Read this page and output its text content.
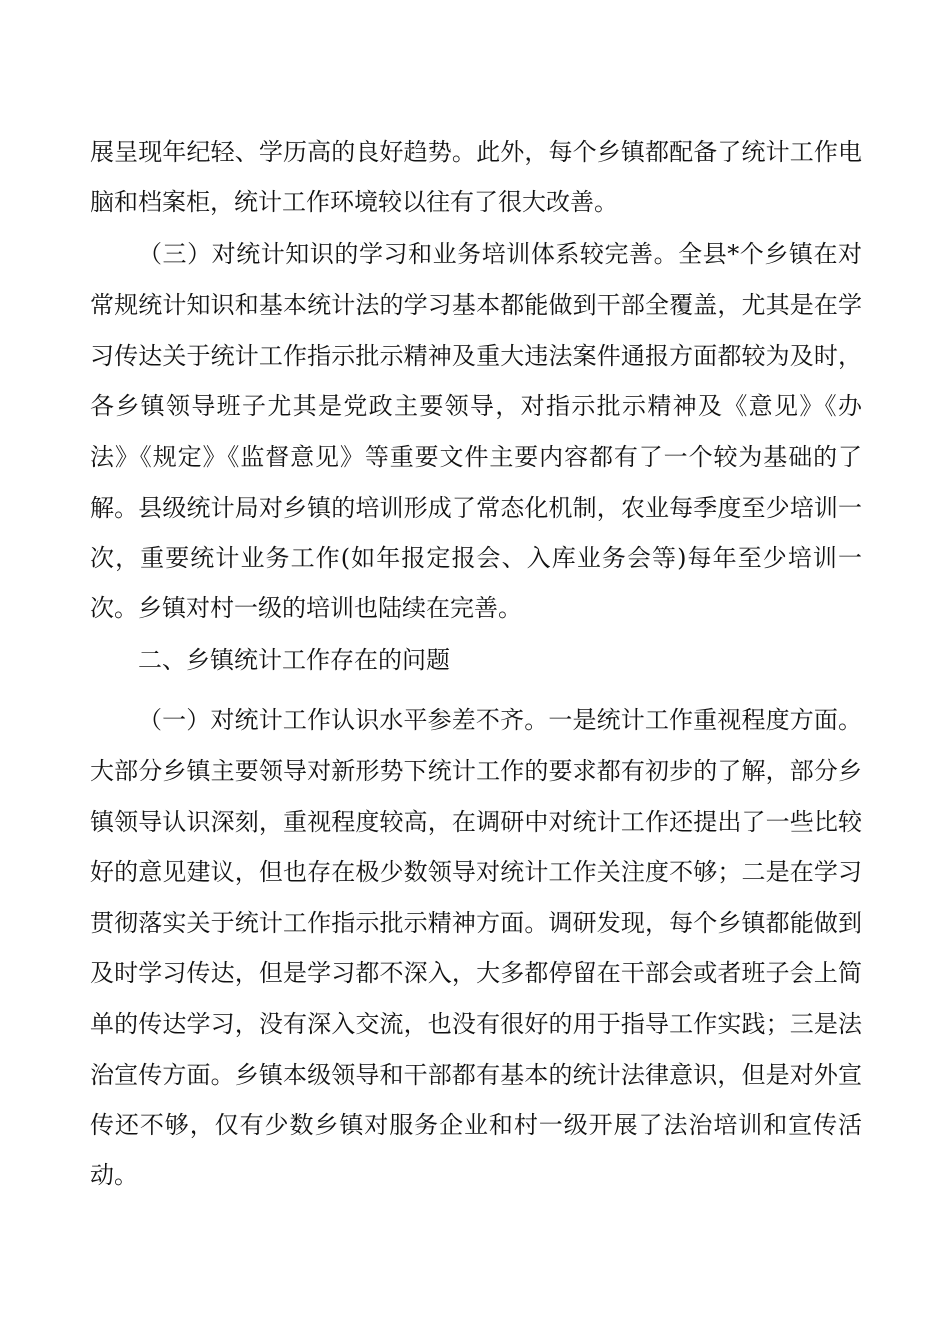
展呈现年纪轻、学历高的良好趋势。此外，每个乡镇都配备了统计工作电
脑和档案柜，统计工作环境较以往有了很大改善。
（三）对统计知识的学习和业务培训体系较完善。全县*个乡镇在对
常规统计知识和基本统计法的学习基本都能做到干部全覆盖，尤其是在学
习传达关于统计工作指示批示精神及重大违法案件通报方面都较为及时，
各乡镇领导班子尤其是党政主要领导，对指示批示精神及《意见》《办
法》《规定》《监督意见》等重要文件主要内容都有了一个较为基础的了
解。县级统计局对乡镇的培训形成了常态化机制，农业每季度至少培训一
次，重要统计业务工作(如年报定报会、入库业务会等)每年至少培训一
次。乡镇对村一级的培训也陆续在完善。
二、乡镇统计工作存在的问题
（一）对统计工作认识水平参差不齐。一是统计工作重视程度方面。
大部分乡镇主要领导对新形势下统计工作的要求都有初步的了解，部分乡
镇领导认识深刻，重视程度较高，在调研中对统计工作还提出了一些比较
好的意见建议，但也存在极少数领导对统计工作关注度不够；二是在学习
贯彻落实关于统计工作指示批示精神方面。调研发现，每个乡镇都能做到
及时学习传达，但是学习都不深入，大多都停留在干部会或者班子会上简
单的传达学习，没有深入交流，也没有很好的用于指导工作实践；三是法
治宣传方面。乡镇本级领导和干部都有基本的统计法律意识，但是对外宣
传还不够，仅有少数乡镇对服务企业和村一级开展了法治培训和宣传活
动。
